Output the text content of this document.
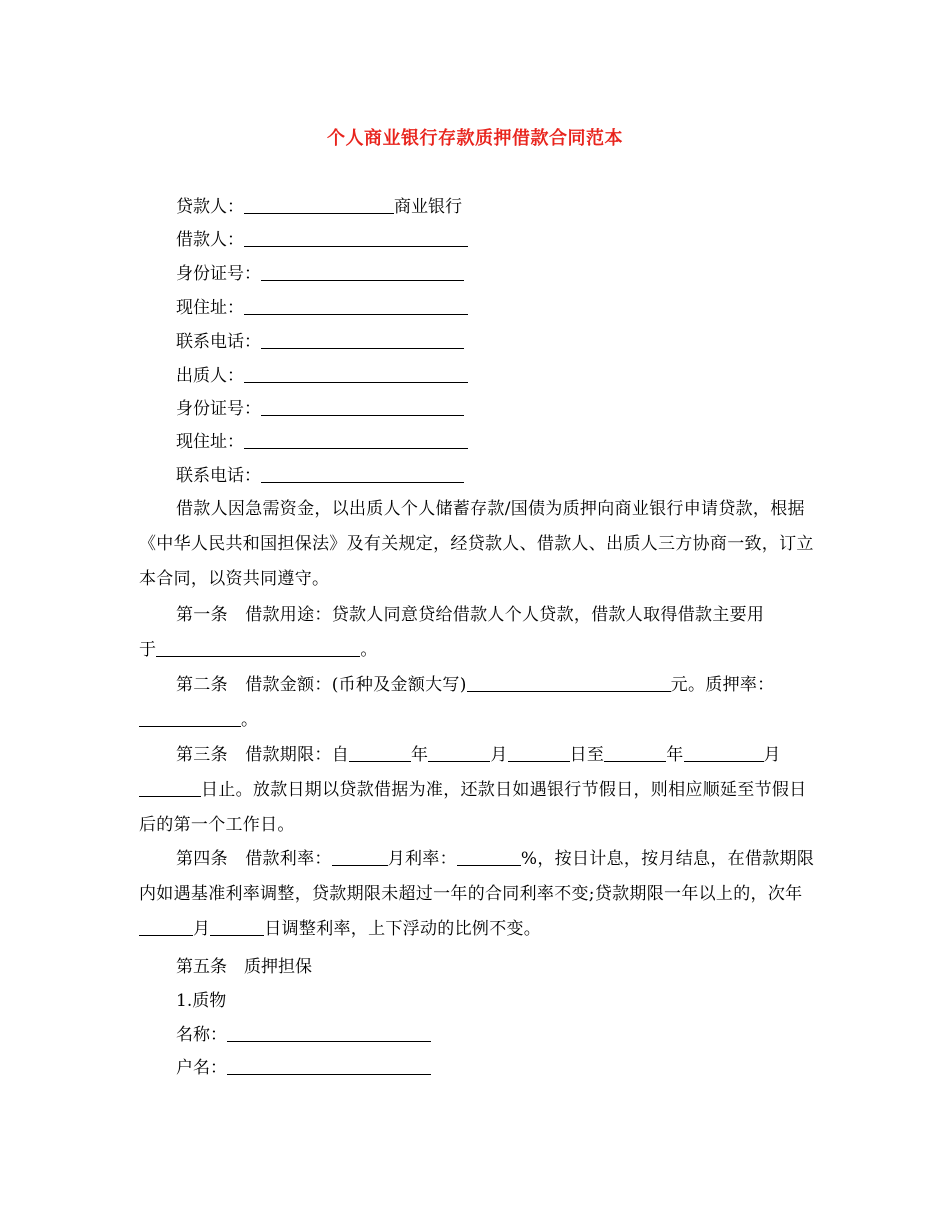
个人商业银行存款质押借款合同范本
贷款人：	商业银行
借款人：
身份证号：
现住址：
联系电话：
出质人：
身份证号：
现住址：
联系电话：
借款人因急需资金，以出质人个人储蓄存款/国债为质押向商业银行申请贷款，根据《中华人民共和国担保法》及有关规定，经贷款人、借款人、出质人三方协商一致，订立本合同，以资共同遵守。
第一条　借款用途：贷款人同意贷给借款人个人贷款，借款人取得借款主要用
于	。
第二条　借款金额：(币种及金额大写)	元。质押率：
。
第三条　借款期限：自	年	月	日至	年	月日止。放款日期以贷款借据为准，还款日如遇银行节假日，则相应顺延至节假日后的第一个工作日。
第四条　借款利率：	月利率：	%，按日计息，按月结息，在借款期限内如遇基准利率调整，贷款期限未超过一年的合同利率不变;贷款期限一年以上的，次年月	日调整利率，上下浮动的比例不变。
第五条　质押担保
1.质物
名称：
户名：
